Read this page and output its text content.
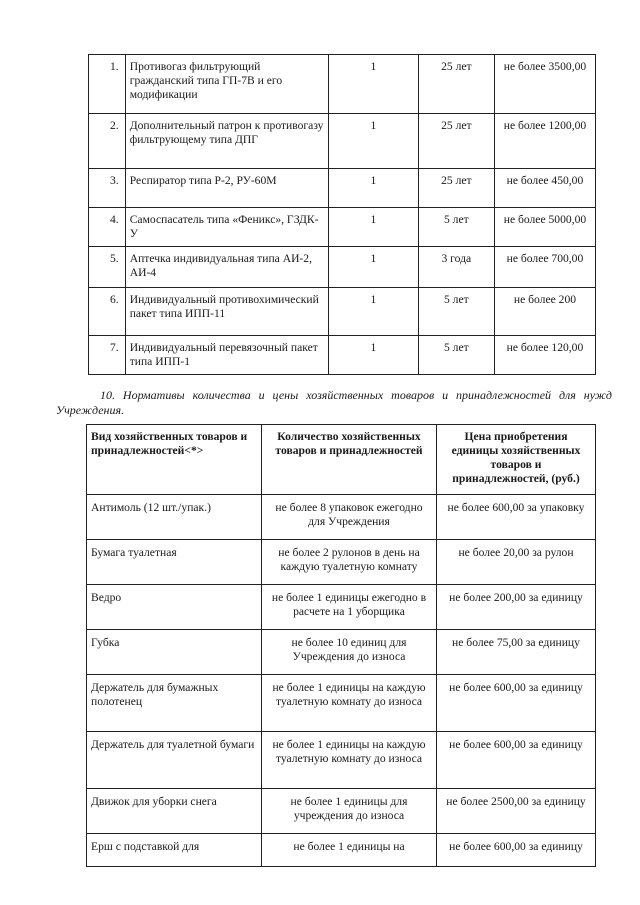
1.	Противогаз фильтрующий гражданский типа ГП-7В и его модификации	1	25 лет	не более 3500,00
2.	Дополнительный патрон к противогазу фильтрующему типа ДПГ	1	25 лет	не более 1200,00
3.	Респиратор типа Р-2, РУ-60М	1	25 лет	не более 450,00
4.	Самоспасатель типа «Феникс», ГЗДК-У	1	5 лет	не более 5000,00
5.	Аптечка индивидуальная типа АИ-2, АИ-4	1	3 года	не более 700,00
6.	Индивидуальный противохимический пакет типа ИПП-11	1	5 лет	не более 200
7.	Индивидуальный перевязочный пакет типа ИПП-1	1	5 лет	не более 120,00
10. Нормативы количества и цены хозяйственных товаров и принадлежностей для нужд Учреждения.
Вид хозяйственных товаров и принадлежностей<*>	Количество хозяйственных товаров и принадлежностей	Цена приобретения единицы хозяйственных товаров и принадлежностей, (руб.)
Антимоль (12 шт./упак.)	не более 8 упаковок ежегодно для Учреждения	не более 600,00 за упаковку
Бумага туалетная	не более 2 рулонов в день на каждую туалетную комнату	не более 20,00 за рулон
Ведро	не более 1 единицы ежегодно в расчете на 1 уборщика	не более 200,00 за единицу
Губка	не более 10 единиц для Учреждения до износа	не более 75,00 за единицу
Держатель для бумажных полотенец	не более 1 единицы на каждую туалетную комнату до износа	не более 600,00 за единицу
Держатель для туалетной бумаги	не более 1 единицы на каждую туалетную комнату до износа	не более 600,00 за единицу
Движок для уборки снега	не более 1 единицы для учреждения до износа	не более 2500,00 за единицу
Ерш с подставкой для	не более 1 единицы на	не более 600,00 за единицу
